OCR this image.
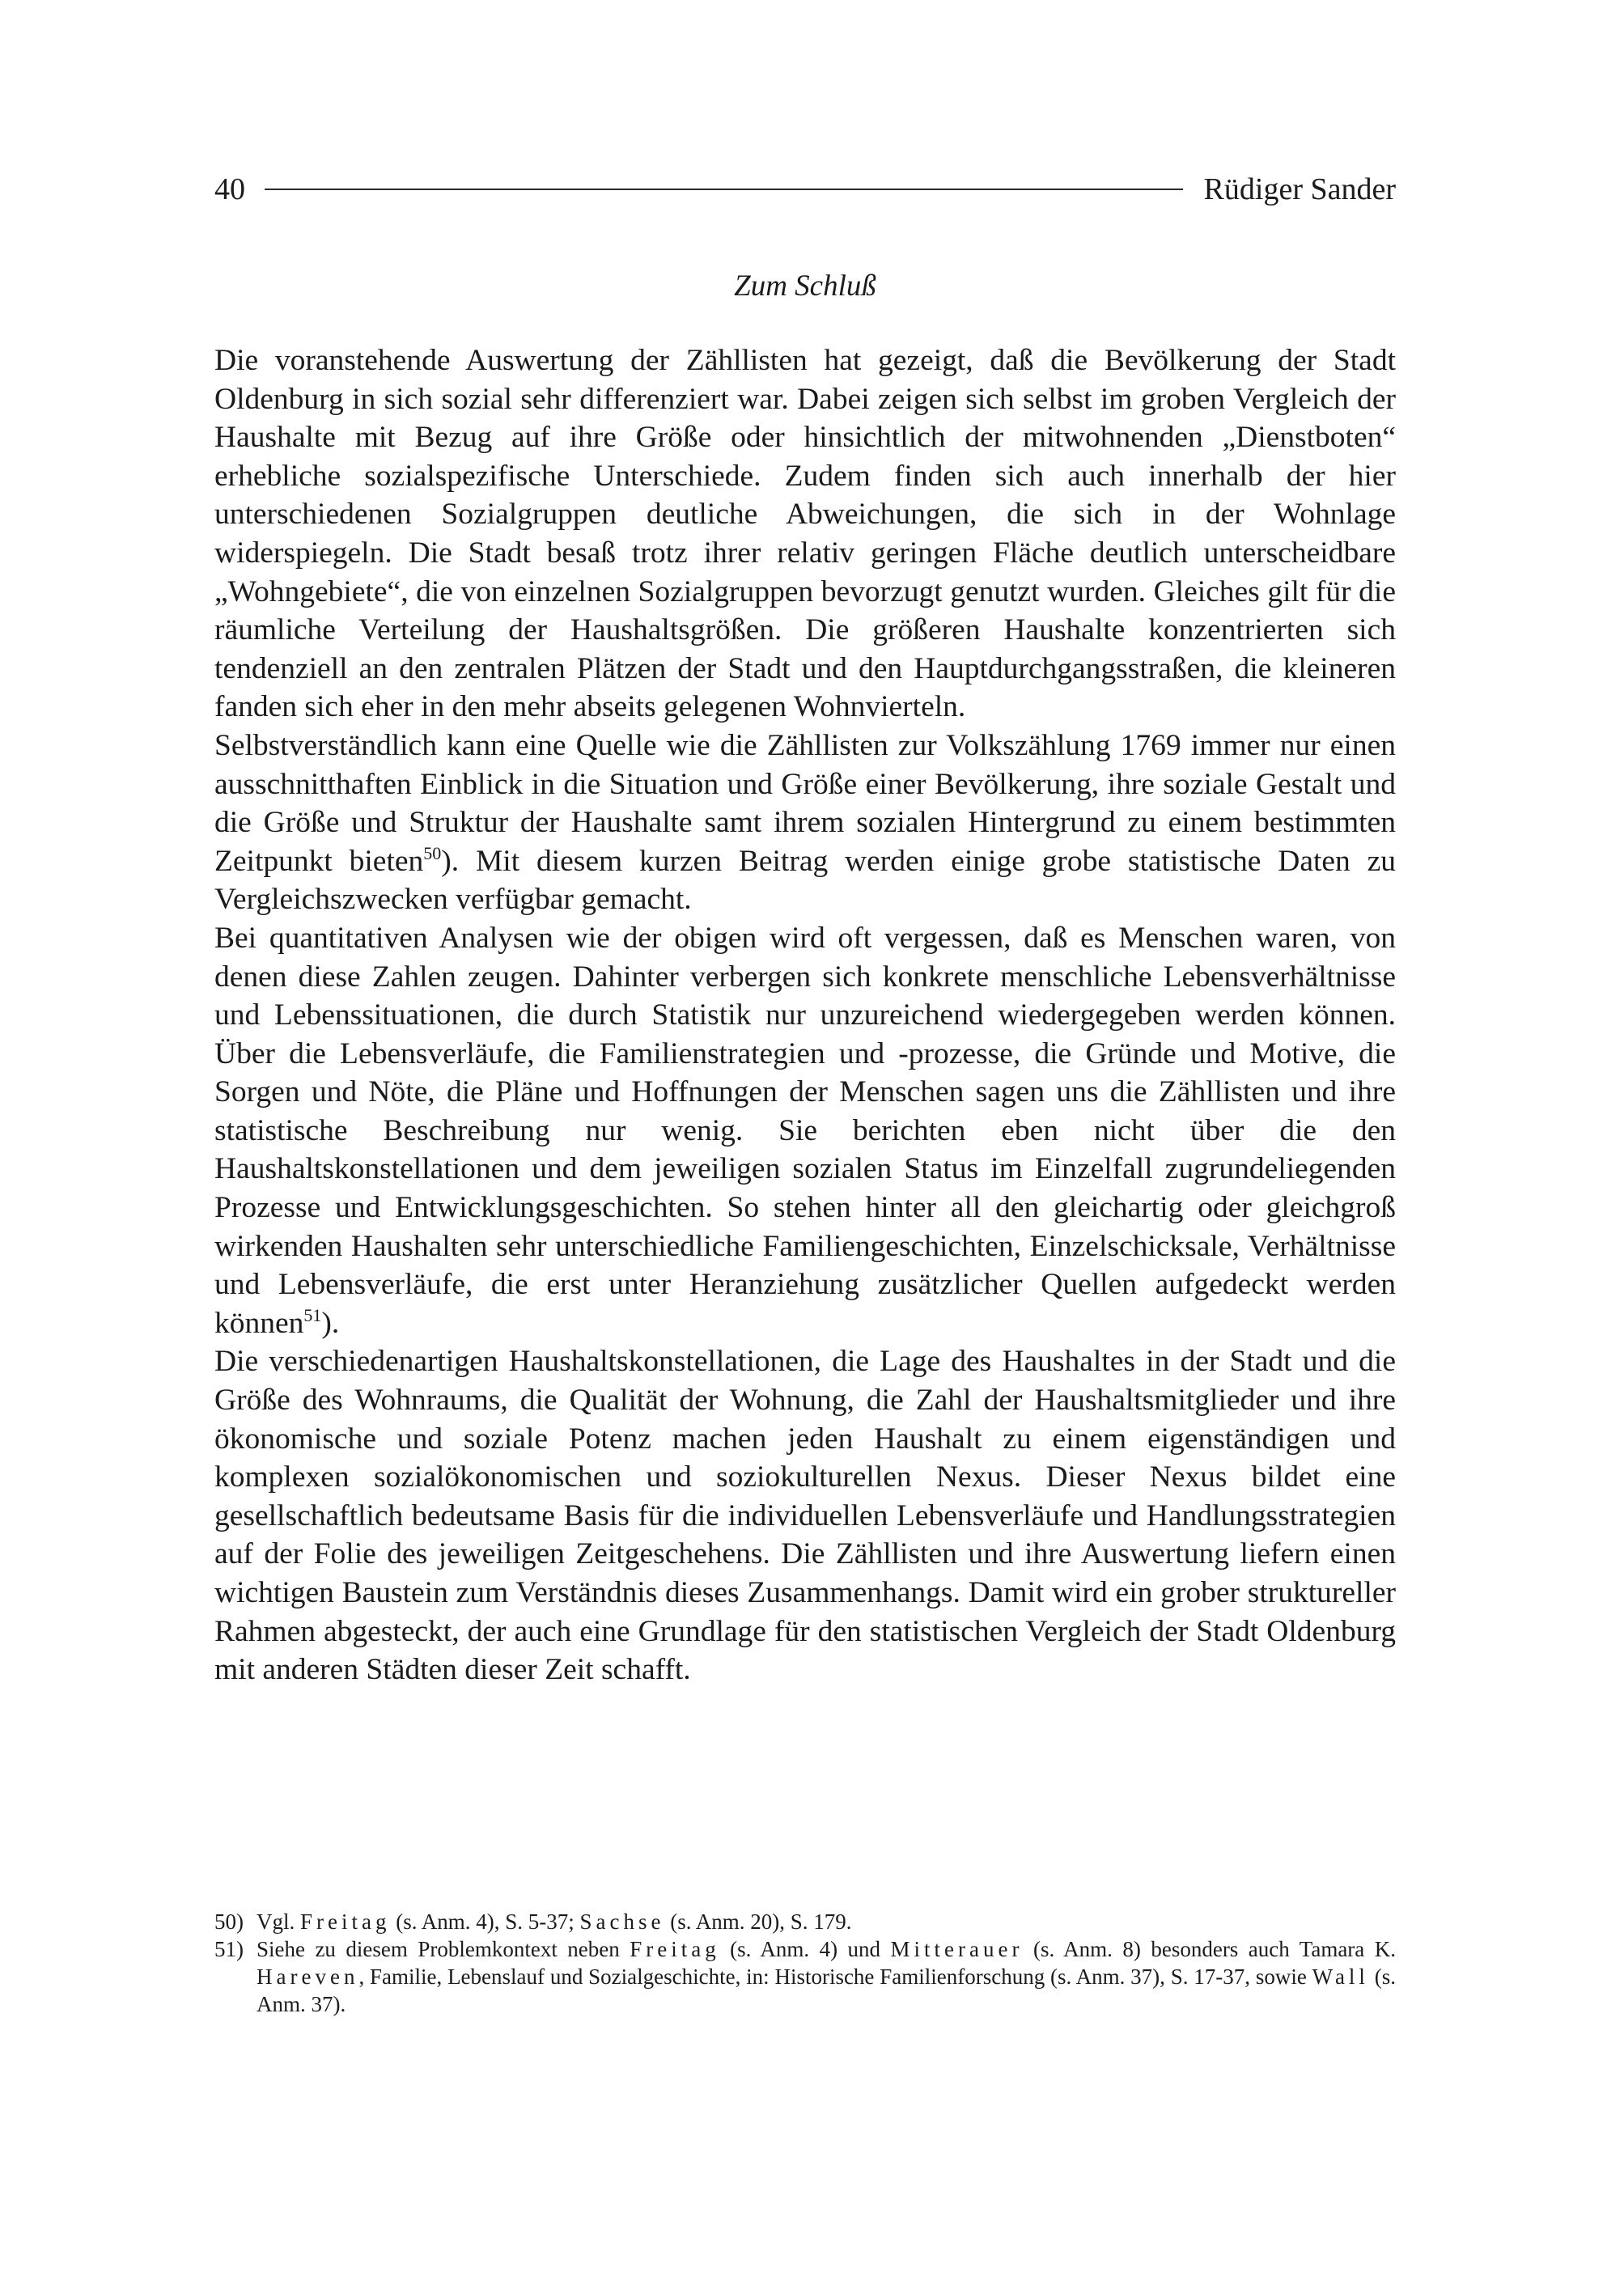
40	Rüdiger Sander
Zum Schluß

Die voranstehende Auswertung der Zähllisten hat gezeigt, daß die Bevölkerung der Stadt Oldenburg in sich sozial sehr differenziert war. Dabei zeigen sich selbst im groben Vergleich der Haushalte mit Bezug auf ihre Größe oder hinsichtlich der mitwohnenden „Dienstboten“ erhebliche sozialspezifische Unterschiede. Zudem finden sich auch innerhalb der hier unterschiedenen Sozialgruppen deutliche Abweichungen, die sich in der Wohnlage widerspiegeln. Die Stadt besaß trotz ihrer relativ geringen Fläche deutlich unterscheidbare „Wohngebiete“, die von einzelnen Sozialgruppen bevorzugt genutzt wurden. Gleiches gilt für die räumliche Verteilung der Haushaltsgrößen. Die größeren Haushalte konzentrierten sich tendenziell an den zentralen Plätzen der Stadt und den Hauptdurchgangsstraßen, die kleineren fanden sich eher in den mehr abseits gelegenen Wohnvierteln.

Selbstverständlich kann eine Quelle wie die Zähllisten zur Volkszählung 1769 immer nur einen ausschnitthaften Einblick in die Situation und Größe einer Bevölkerung, ihre soziale Gestalt und die Größe und Struktur der Haushalte samt ihrem sozialen Hintergrund zu einem bestimmten Zeitpunkt bieten$^{50}$). Mit diesem kurzen Beitrag werden einige grobe statistische Daten zu Vergleichszwecken verfügbar gemacht.

Bei quantitativen Analysen wie der obigen wird oft vergessen, daß es Menschen waren, von denen diese Zahlen zeugen. Dahinter verbergen sich konkrete menschliche Lebensverhältnisse und Lebenssituationen, die durch Statistik nur unzureichend wiedergegeben werden können. Über die Lebensverläufe, die Familienstrategien und -prozesse, die Gründe und Motive, die Sorgen und Nöte, die Pläne und Hoffnungen der Menschen sagen uns die Zähllisten und ihre statistische Beschreibung nur wenig. Sie berichten eben nicht über die den Haushaltskonstellationen und dem jeweiligen sozialen Status im Einzelfall zugrundeliegenden Prozesse und Entwicklungsgeschichten. So stehen hinter all den gleichartig oder gleichgroß wirkenden Haushalten sehr unterschiedliche Familiengeschichten, Einzelschicksale, Verhältnisse und Lebensverläufe, die erst unter Heranziehung zusätzlicher Quellen aufgedeckt werden können$^{51}$).

Die verschiedenartigen Haushaltskonstellationen, die Lage des Haushaltes in der Stadt und die Größe des Wohnraums, die Qualität der Wohnung, die Zahl der Haushaltsmitglieder und ihre ökonomische und soziale Potenz machen jeden Haushalt zu einem eigenständigen und komplexen sozialökonomischen und soziokulturellen Nexus. Dieser Nexus bildet eine gesellschaftlich bedeutsame Basis für die individuellen Lebensverläufe und Handlungsstrategien auf der Folie des jeweiligen Zeitgeschehens. Die Zähllisten und ihre Auswertung liefern einen wichtigen Baustein zum Verständnis dieses Zusammenhangs. Damit wird ein grober struktureller Rahmen abgesteckt, der auch eine Grundlage für den statistischen Vergleich der Stadt Oldenburg mit anderen Städten dieser Zeit schafft.

50) Vgl. Freitag (s. Anm. 4), S. 5-37; Sachse (s. Anm. 20), S. 179.

51) Siehe zu diesem Problemkontext neben Freitag (s. Anm. 4) und Mitterauer (s. Anm. 8) besonders auch Tamara K. Hareven, Familie, Lebenslauf und Sozialgeschichte, in: Historische Familienforschung (s. Anm. 37), S. 17-37, sowie Wall (s. Anm. 37).
